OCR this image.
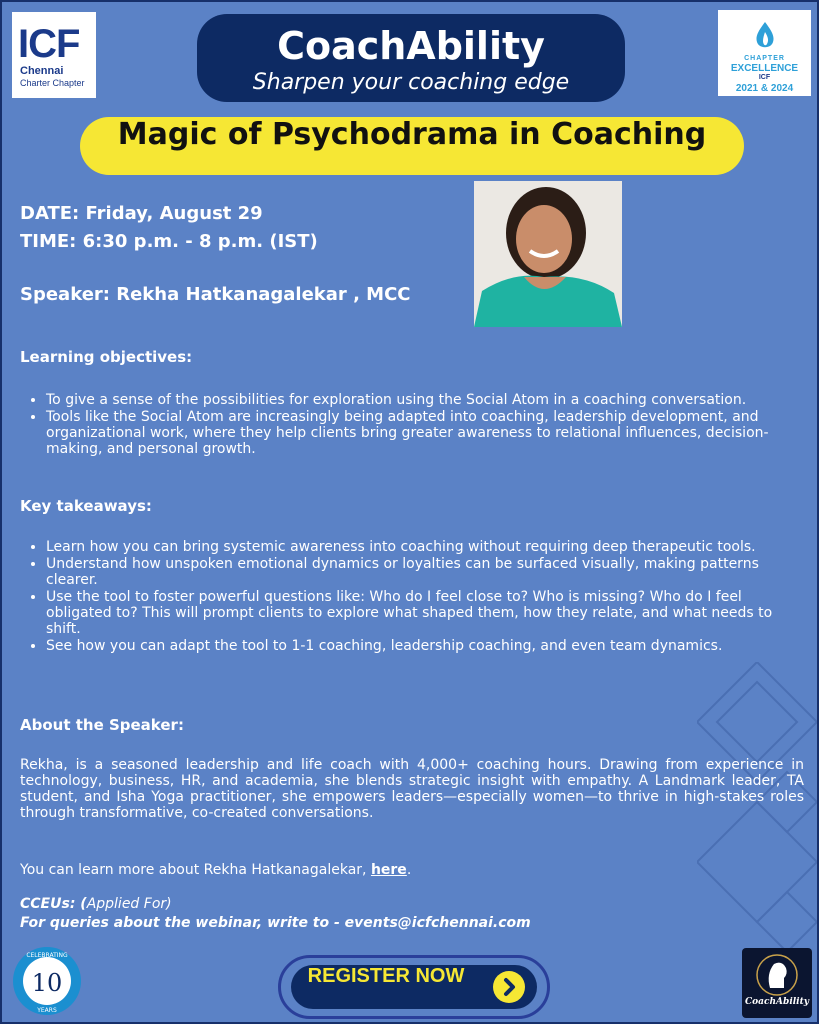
ICF
Chennai
Charter Chapter
CoachAbility
Sharpen your coaching edge
CHAPTER
EXCELLENCE
ICF
2021 & 2024
Magic of Psychodrama in Coaching
DATE: Friday, August 29
TIME: 6:30 p.m. - 8 p.m. (IST)
Speaker: Rekha Hatkanagalekar , MCC
Learning objectives:
• To give a sense of the possibilities for exploration using the Social Atom in a coaching conversation.
• Tools like the Social Atom are increasingly being adapted into coaching, leadership development, and organizational work, where they help clients bring greater awareness to relational influences, decision-making, and personal growth.
Key takeaways:
• Learn how you can bring systemic awareness into coaching without requiring deep therapeutic tools.
• Understand how unspoken emotional dynamics or loyalties can be surfaced visually, making patterns clearer.
• Use the tool to foster powerful questions like: Who do I feel close to? Who is missing? Who do I feel obligated to? This will prompt clients to explore what shaped them, how they relate, and what needs to shift.
• See how you can adapt the tool to 1-1 coaching, leadership coaching, and even team dynamics.
About the Speaker:
Rekha, is a seasoned leadership and life coach with 4,000+ coaching hours. Drawing from experience in technology, business, HR, and academia, she blends strategic insight with empathy. A Landmark leader, TA student, and Isha Yoga practitioner, she empowers leaders—especially women—to thrive in high-stakes roles through transformative, co-created conversations.
You can learn more about Rekha Hatkanagalekar, here.
CCEUs: (Applied For)
For queries about the webinar, write to - events@icfchennai.com
10
CELEBRATING
YEARS
REGISTER NOW
CoachAbility
